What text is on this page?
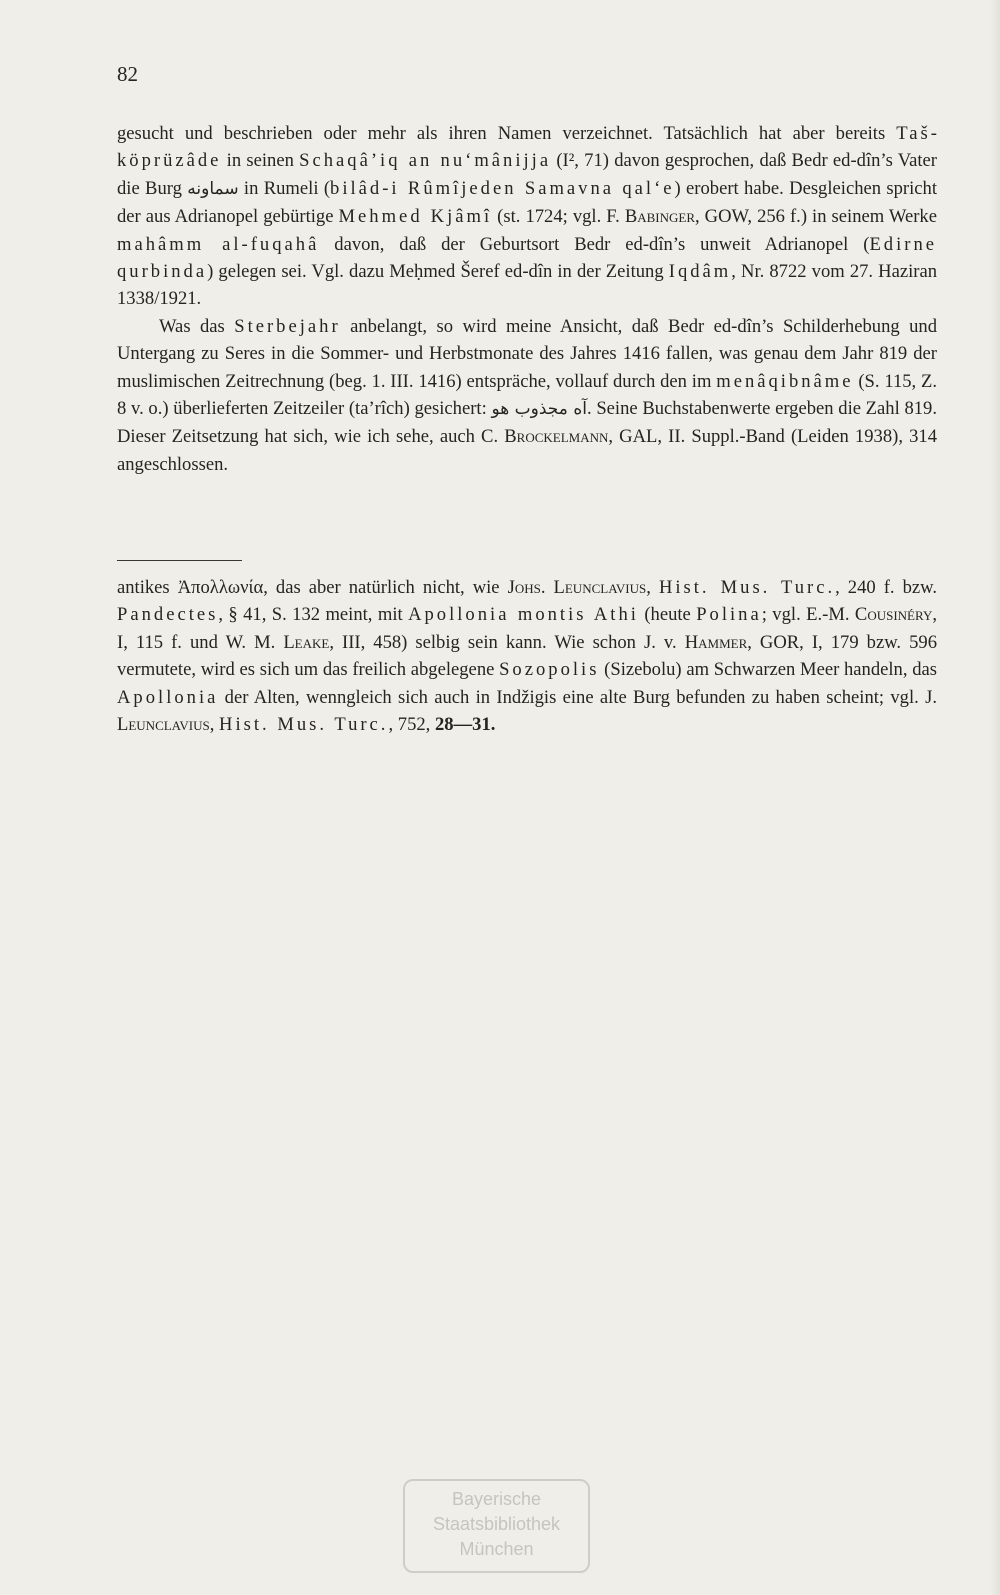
82

gesucht und beschrieben oder mehr als ihren Namen verzeichnet. Tatsächlich hat aber bereits Tašköprüzâde in seinen Schaqâ’iq an nu‘mânijja (I², 71) davon gesprochen, daß Bedr ed-dîn’s Vater die Burg سماونه in Rumeli (bilâd-i Rûmîjeden Samavna qal‘e) erobert habe. Desgleichen spricht der aus Adrianopel gebürtige Mehmed Kjâmî (st. 1724; vgl. F. Babinger, GOW, 256 f.) in seinem Werke mahâmm al-fuqahâ davon, daß der Geburtsort Bedr ed-dîn’s unweit Adrianopel (Edirne qurbinda) gelegen sei. Vgl. dazu Meḥmed Šeref ed-dîn in der Zeitung Iqdâm, Nr. 8722 vom 27. Haziran 1338/1921.

Was das Sterbejahr anbelangt, so wird meine Ansicht, daß Bedr ed-dîn’s Schilderhebung und Untergang zu Seres in die Sommer- und Herbstmonate des Jahres 1416 fallen, was genau dem Jahr 819 der muslimischen Zeitrechnung (beg. 1. III. 1416) entspräche, vollauf durch den im menâqibnâme (S. 115, Z. 8 v. o.) überlieferten Zeitzeiler (ta’rîch) gesichert: آه مجذوب هو. Seine Buchstabenwerte ergeben die Zahl 819. Dieser Zeitsetzung hat sich, wie ich sehe, auch C. Brockelmann, GAL, II. Suppl.-Band (Leiden 1938), 314 angeschlossen.

antikes Ἀπολλωνία, das aber natürlich nicht, wie Johs. Leunclavius, Hist. Mus. Turc., 240 f. bzw. Pandectes, § 41, S. 132 meint, mit Apollonia montis Athi (heute Polina; vgl. E.-M. Cousinéry, I, 115 f. und W. M. Leake, III, 458) selbig sein kann. Wie schon J. v. Hammer, GOR, I, 179 bzw. 596 vermutete, wird es sich um das freilich abgelegene Sozopolis (Sizebolu) am Schwarzen Meer handeln, das Apollonia der Alten, wenngleich sich auch in Indžigis eine alte Burg befunden zu haben scheint; vgl. J. Leunclavius, Hist. Mus. Turc., 752, 28—31.

Bayerische
Staatsbibliothek
München
